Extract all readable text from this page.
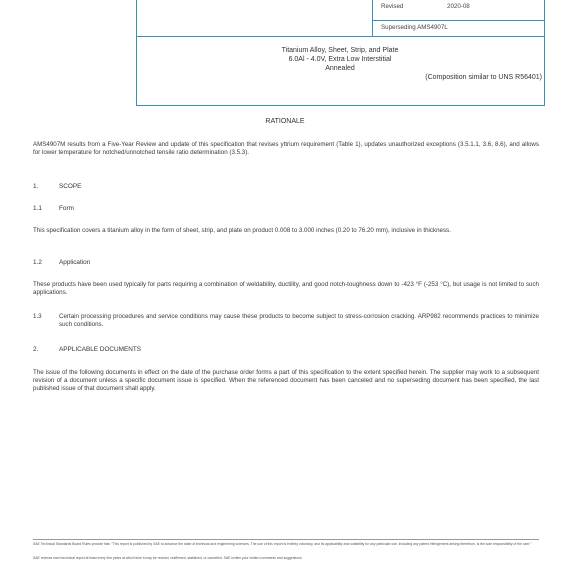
Revised	2020-08
Superseding AMS4907L
Titanium Alloy, Sheet, Strip, and Plate
6.0Al - 4.0V, Extra Low Interstitial
Annealed
(Composition similar to UNS R56401)
RATIONALE
AMS4907M results from a Five-Year Review and update of this specification that revises yttrium requirement (Table 1), updates unauthorized exceptions (3.5.1.1, 3.6, 8.6), and allows for lower temperature for notched/unnotched tensile ratio determination (3.5.3).
1.	SCOPE
1.1	Form
This specification covers a titanium alloy in the form of sheet, strip, and plate on product 0.008 to 3.000 inches (0.20 to 76.20 mm), inclusive in thickness.
1.2	Application
These products have been used typically for parts requiring a combination of weldability, ductility, and good notch-toughness down to -423 °F (-253 °C), but usage is not limited to such applications.
1.3	Certain processing procedures and service conditions may cause these products to become subject to stress-corrosion cracking. ARP982 recommends practices to minimize such conditions.
2.	APPLICABLE DOCUMENTS
The issue of the following documents in effect on the date of the purchase order forms a part of this specification to the extent specified herein. The supplier may work to a subsequent revision of a document unless a specific document issue is specified. When the referenced document has been canceled and no superseding document has been specified, the last published issue of that document shall apply.
SAE Technical Standards Board Rules provide that: "This report is published by SAE to advance the state of technical and engineering sciences. The use of this report is entirely voluntary, and its applicability and suitability for any particular use, including any patent infringement arising therefrom, is the sole responsibility of the user."
SAE reviews each technical report at least every five years at which time it may be revised, reaffirmed, stabilized, or cancelled. SAE invites your written comments and suggestions.
